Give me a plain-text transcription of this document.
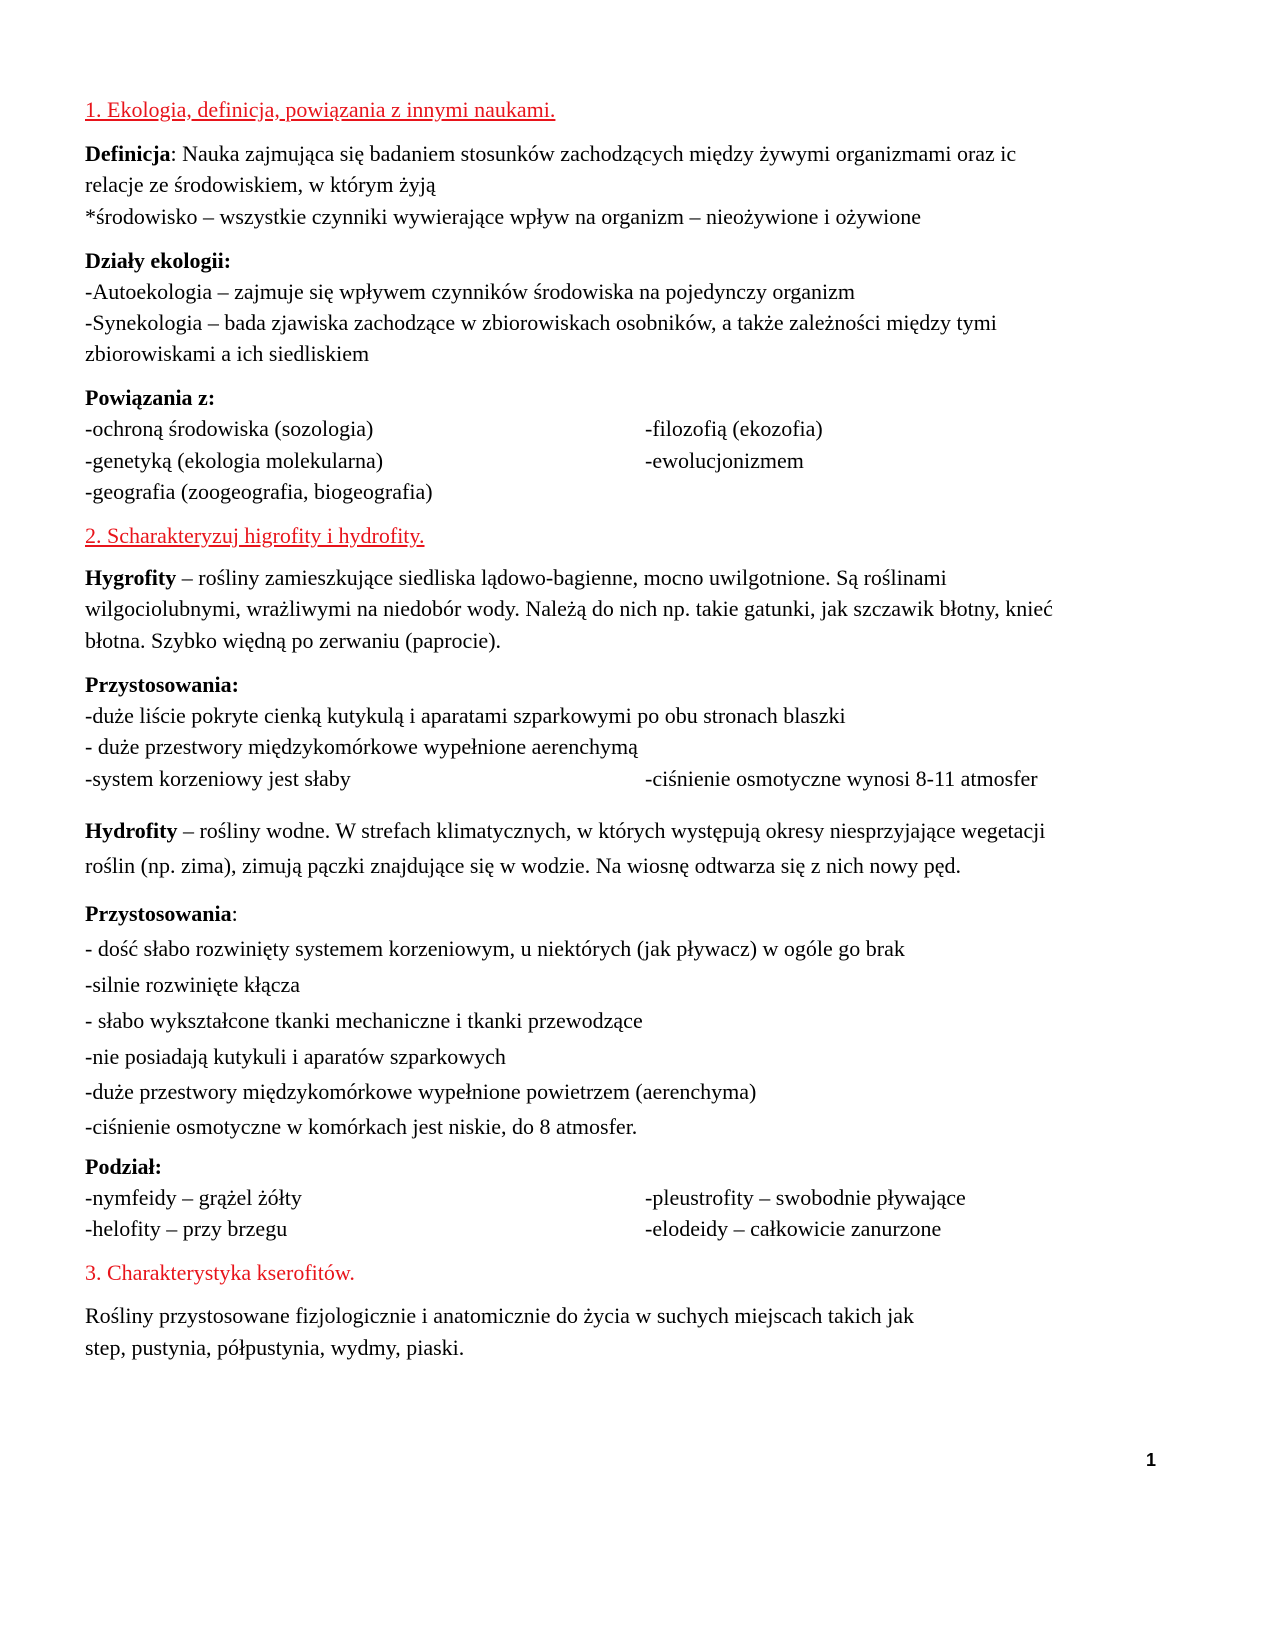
1. Ekologia, definicja, powiązania z innymi naukami.
Definicja: Nauka zajmująca się badaniem stosunków zachodzących między żywymi organizmami oraz ic
relacje ze środowiskiem, w którym żyją
*środowisko – wszystkie czynniki wywierające wpływ na organizm – nieożywione i ożywione
Działy ekologii:
-Autoekologia – zajmuje się wpływem czynników środowiska na pojedynczy organizm
-Synekologia – bada zjawiska zachodzące w zbiorowiskach osobników, a także zależności między tymi
zbiorowiskami a ich siedliskiem
Powiązania z:
-ochroną środowiska (sozologia)
-genetyką (ekologia molekularna)
-geografia (zoogeografia, biogeografia)
-filozofią (ekozofia)
-ewolucjonizmem
2. Scharakteryzuj higrofity i hydrofity.
Hygrofity – rośliny zamieszkujące siedliska lądowo-bagienne, mocno uwilgotnione. Są roślinami
wilgociolubnymi, wrażliwymi na niedobór wody. Należą do nich np. takie gatunki, jak szczawik błotny, knieć
błotna. Szybko więdną po zerwaniu (paprocie).
Przystosowania:
-duże liście pokryte cienką kutykulą i aparatami szparkowymi po obu stronach blaszki
- duże przestwory międzykomórkowe wypełnione aerenchymą
-system korzeniowy jest słaby	-ciśnienie osmotyczne wynosi 8-11 atmosfer
Hydrofity – rośliny wodne. W strefach klimatycznych, w których występują okresy niesprzyjające wegetacji
roślin (np. zima), zimują pączki znajdujące się w wodzie. Na wiosnę odtwarza się z nich nowy pęd.
Przystosowania:
- dość słabo rozwinięty systemem korzeniowym, u niektórych (jak pływacz) w ogóle go brak
-silnie rozwinięte kłącza
- słabo wykształcone tkanki mechaniczne i tkanki przewodzące
-nie posiadają kutykuli i aparatów szparkowych
-duże przestwory międzykomórkowe wypełnione powietrzem (aerenchyma)
-ciśnienie osmotyczne w komórkach jest niskie, do 8 atmosfer.
Podział:
-nymfeidy – grążel żółty
-helofity – przy brzegu
-pleustrofity – swobodnie pływające
-elodeidy – całkowicie zanurzone
3. Charakterystyka kserofitów.
Rośliny przystosowane fizjologicznie i anatomicznie do życia w suchych miejscach takich jak
step, pustynia, półpustynia, wydmy, piaski.
1
